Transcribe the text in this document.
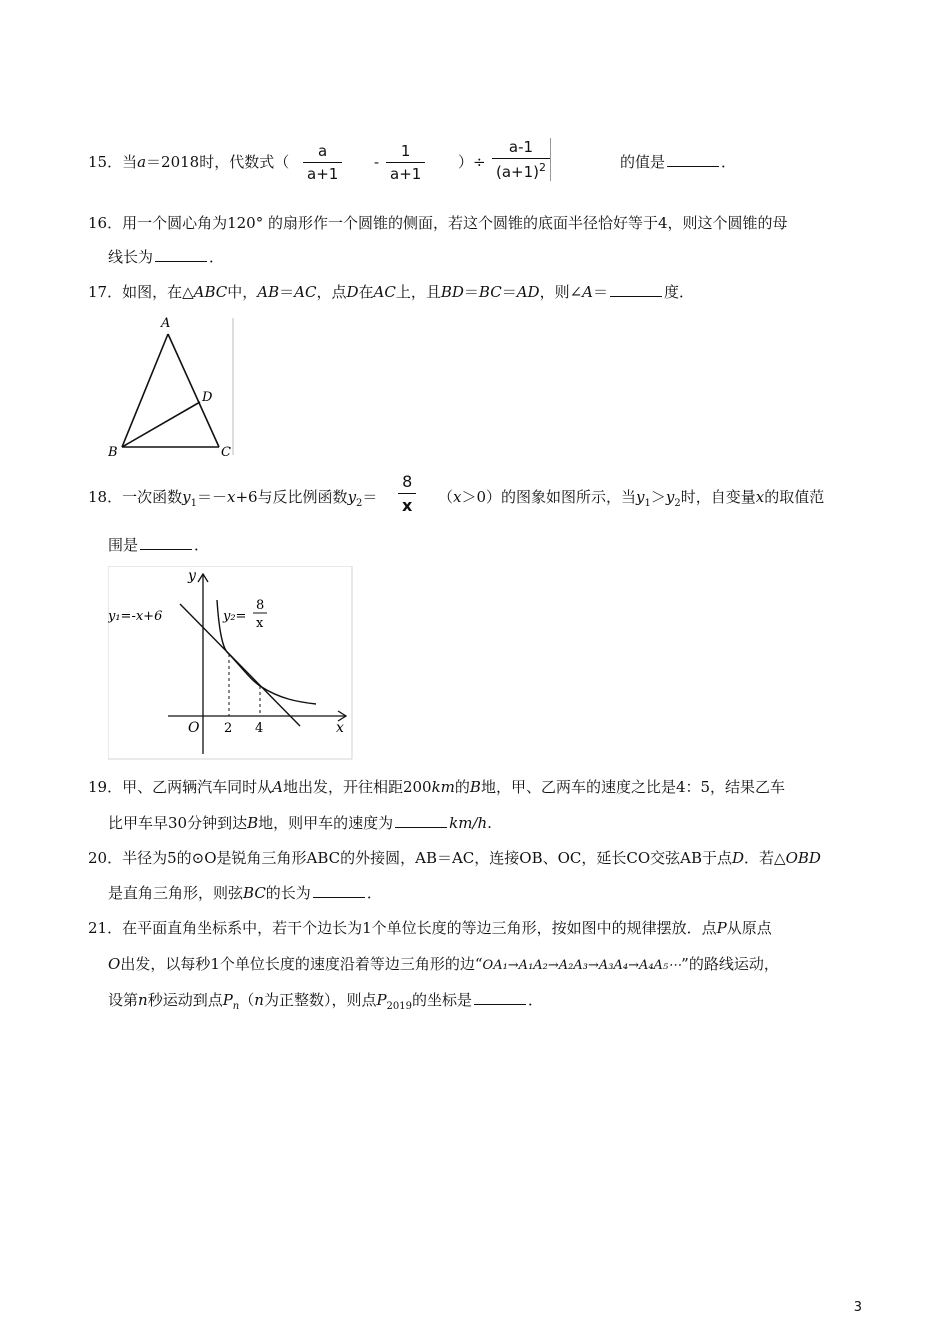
15．当a＝2018时，代数式（
a
a+1
-
1
a+1
）÷
a-1
$(a+1)^2$	的值是	．
16．用一个圆心角为120° 的扇形作一个圆锥的侧面，若这个圆锥的底面半径恰好等于4，则这个圆锥的母
线长为	．
17．如图，在△ABC中，AB＝AC，点D在AC上，且BD＝BC＝AD，则∠A＝	度．
A
B	C
D
18．一次函数$y_1=-x+6$与反比例函数$y_2=$
8
x （x＞0）的图象如图所示，当$y_1>y_2$时，自变量x的取值范
围是	．
y
x
O 2 4
y₁=-x+6	y₂=
8
x
19．甲、乙两辆汽车同时从A地出发，开往相距200km的B地，甲、乙两车的速度之比是4：5，结果乙车
比甲车早30分钟到达B地，则甲车的速度为	km/h.
20．半径为5的⊙O是锐角三角形ABC的外接圆，AB＝AC，连接OB、OC，延长CO交弦AB于点D．若△OBD
是直角三角形，则弦BC的长为	．
21．在平面直角坐标系中，若干个边长为1个单位长度的等边三角形，按如图中的规律摆放．点P从原点
O出发，以每秒1个单位长度的速度沿着等边三角形的边“OA₁→A₁A₂→A₂A₃→A₃A₄→A₄A₅⋯”的路线运动，
设第n秒运动到点$P_n(n$为正整数），则点$P_{2019}$的坐标是	．
3
